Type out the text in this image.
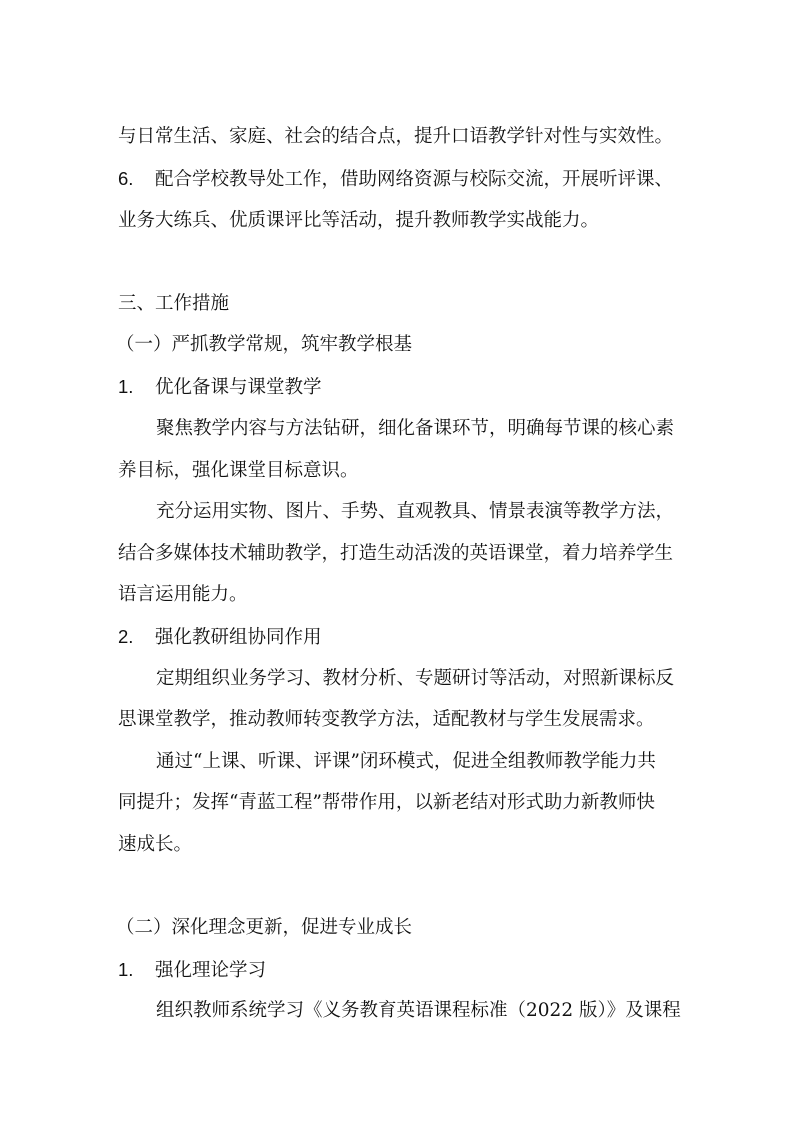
与日常生活、家庭、社会的结合点，提升口语教学针对性与实效性。

6. 配合学校教导处工作，借助网络资源与校际交流，开展听评课、

业务大练兵、优质课评比等活动，提升教师教学实战能力。

三、工作措施

（一）严抓教学常规，筑牢教学根基

1. 优化备课与课堂教学

聚焦教学内容与方法钻研，细化备课环节，明确每节课的核心素

养目标，强化课堂目标意识。

充分运用实物、图片、手势、直观教具、情景表演等教学方法，

结合多媒体技术辅助教学，打造生动活泼的英语课堂，着力培养学生

语言运用能力。

2. 强化教研组协同作用

定期组织业务学习、教材分析、专题研讨等活动，对照新课标反

思课堂教学，推动教师转变教学方法，适配教材与学生发展需求。

通过“上课、听课、评课”闭环模式，促进全组教师教学能力共

同提升；发挥“青蓝工程”帮带作用，以新老结对形式助力新教师快

速成长。

（二）深化理念更新，促进专业成长

1. 强化理论学习

组织教师系统学习《义务教育英语课程标准（2022 版）》及课程
